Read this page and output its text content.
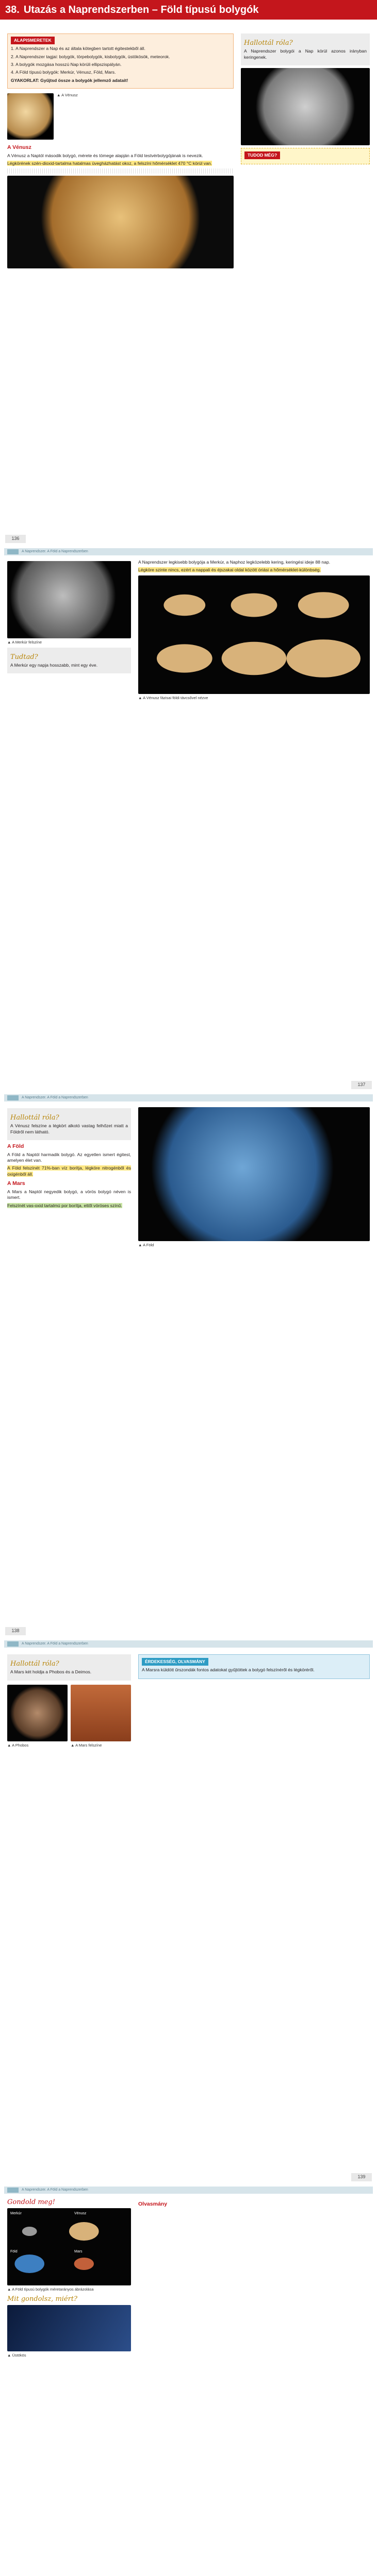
38. Utazás a Naprendszerben – Föld típusú bolygók
ALAPISMERETEK

1. A Naprendszer a Nap és az általa kötegben tartott égitestekből áll.

2. A Naprendszer tagjai: bolygók, törpebolygók, kisbolygók, üstökösök, meteorok.

3. A bolygók mozgása hosszú Nap körüli ellipszispályán.

4. A Föld típusú bolygók: Merkúr, Vénusz, Föld, Mars.

GYAKORLAT: Gyűjtsd össze a bolygók jellemző adatait!

▲ A Vénusz
A Vénusz

A Vénusz a Naptól második bolygó, mérete és tömege alapján a Föld testvérbolygójának is nevezik.

Légkörének szén-dioxid-tartalma hatalmas üvegházhatást okoz, a felszíni hőmérséklet 470 °C körül van.

Hallottál róla?

A Naprendszer bolygói a Nap körül azonos irányban keringenek.

TUDOD MÉG?
136
A Naprendszer. A Föld a Naprendszerben
▲ A Merkúr felszíne
Tudtad?

A Merkúr egy napja hosszabb, mint egy éve.

A Naprendszer legkisebb bolygója a Merkúr, a Naphoz legközelebb kering, keringési ideje 88 nap.

Légköre szinte nincs, ezért a nappali és éjszakai oldal között óriási a hőmérséklet-különbség.

▲ A Vénusz fázisai földi távcsővel nézve
137
A Naprendszer. A Föld a Naprendszerben
Hallottál róla?

A Vénusz felszíne a légkört alkotó vastag felhőzet miatt a Földről nem látható.

A Föld

A Föld a Naptól harmadik bolygó. Az egyetlen ismert égitest, amelyen élet van.

A Föld felszínét 71%-ban víz borítja, légköre nitrogénből és oxigénből áll.

A Mars

A Mars a Naptól negyedik bolygó, a vörös bolygó néven is ismert.

Felszínét vas-oxid tartalmú por borítja, ettől vöröses színű.

▲ A Föld
138
A Naprendszer. A Föld a Naprendszerben
Hallottál róla?

A Mars két holdja a Phobos és a Deimos.

▲ A Phobos	▲ A Mars felszíne
ÉRDEKESSÉG, OLVASMÁNY

A Marsra küldött űrszondák fontos adatokat gyűjtöttek a bolygó felszínéről és légköréről.

139
A Naprendszer. A Föld a Naprendszerben
Gondold meg!
Merkúr	Vénusz
Föld	Mars
▲ A Föld típusú bolygók méretarányos ábrázolása
Mit gondolsz, miért?
▲ Üstökös
Olvasmány
